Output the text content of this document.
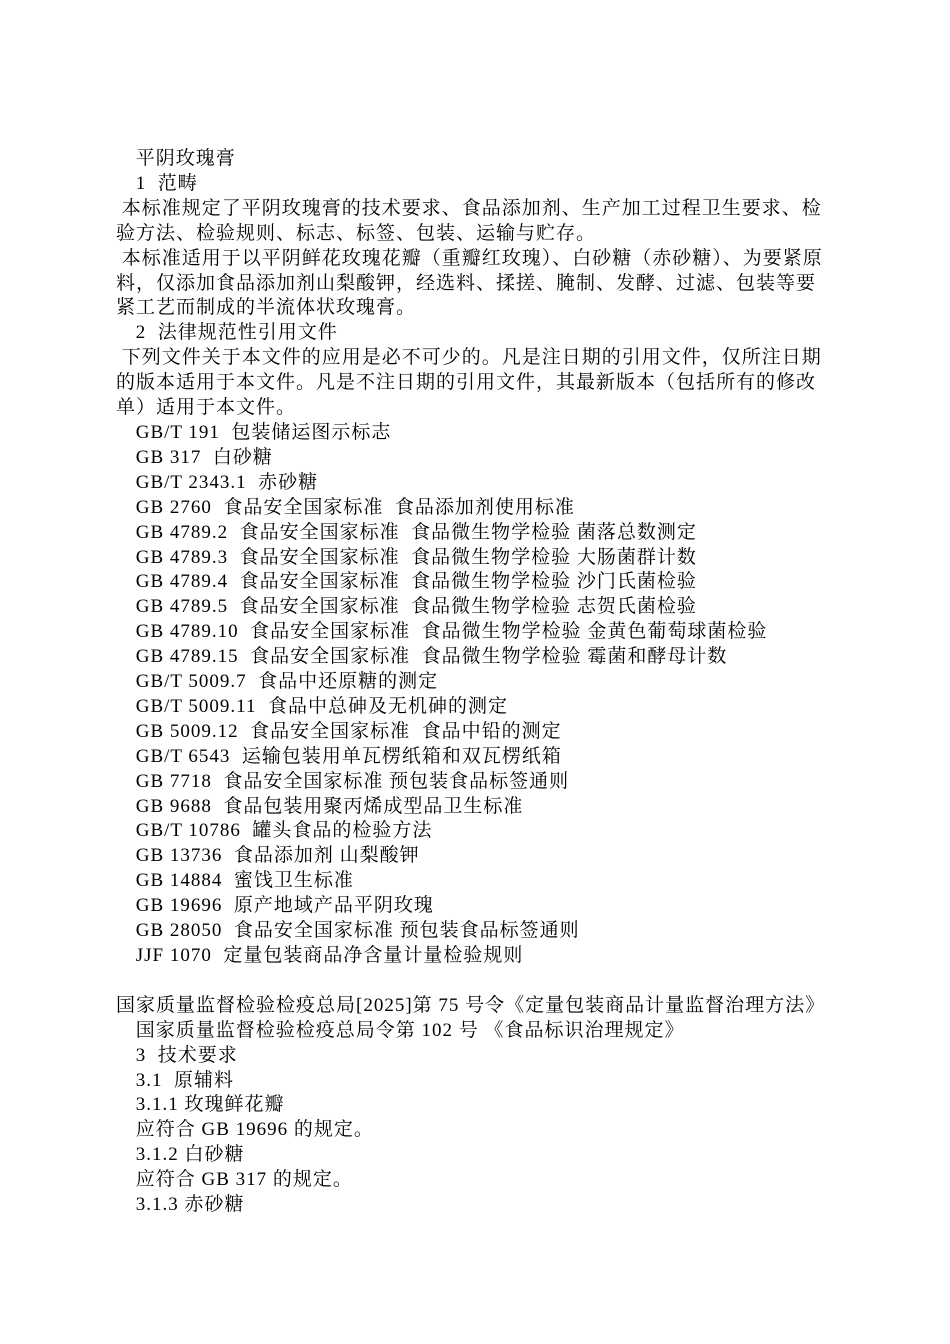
平阴玫瑰膏

1  范畴

本标准规定了平阴玫瑰膏的技术要求、食品添加剂、生产加工过程卫生要求、检验方法、检验规则、标志、标签、包装、运输与贮存。

本标准适用于以平阴鲜花玫瑰花瓣（重瓣红玫瑰）、白砂糖（赤砂糖）、为要紧原料，仅添加食品添加剂山梨酸钾，经选料、揉搓、腌制、发酵、过滤、包装等要紧工艺而制成的半流体状玫瑰膏。

2  法律规范性引用文件

下列文件关于本文件的应用是必不可少的。凡是注日期的引用文件，仅所注日期的版本适用于本文件。凡是不注日期的引用文件，其最新版本（包括所有的修改单）适用于本文件。

GB/T 191  包装储运图示标志

GB 317  白砂糖

GB/T 2343.1  赤砂糖

GB 2760  食品安全国家标准  食品添加剂使用标准

GB 4789.2  食品安全国家标准  食品微生物学检验 菌落总数测定

GB 4789.3  食品安全国家标准  食品微生物学检验 大肠菌群计数

GB 4789.4  食品安全国家标准  食品微生物学检验 沙门氏菌检验

GB 4789.5  食品安全国家标准  食品微生物学检验 志贺氏菌检验

GB 4789.10  食品安全国家标准  食品微生物学检验 金黄色葡萄球菌检验

GB 4789.15  食品安全国家标准  食品微生物学检验 霉菌和酵母计数

GB/T 5009.7  食品中还原糖的测定

GB/T 5009.11  食品中总砷及无机砷的测定

GB 5009.12  食品安全国家标准  食品中铅的测定

GB/T 6543  运输包装用单瓦楞纸箱和双瓦楞纸箱

GB 7718  食品安全国家标准 预包装食品标签通则

GB 9688  食品包装用聚丙烯成型品卫生标准

GB/T 10786  罐头食品的检验方法

GB 13736  食品添加剂 山梨酸钾

GB 14884  蜜饯卫生标准

GB 19696  原产地域产品平阴玫瑰

GB 28050  食品安全国家标准 预包装食品标签通则

JJF 1070  定量包装商品净含量计量检验规则

国家质量监督检验检疫总局[2025]第 75 号令《定量包装商品计量监督治理方法》

国家质量监督检验检疫总局令第 102 号 《食品标识治理规定》

3  技术要求

3.1  原辅料

3.1.1 玫瑰鲜花瓣

应符合 GB 19696 的规定。

3.1.2 白砂糖

应符合 GB 317 的规定。

3.1.3 赤砂糖
